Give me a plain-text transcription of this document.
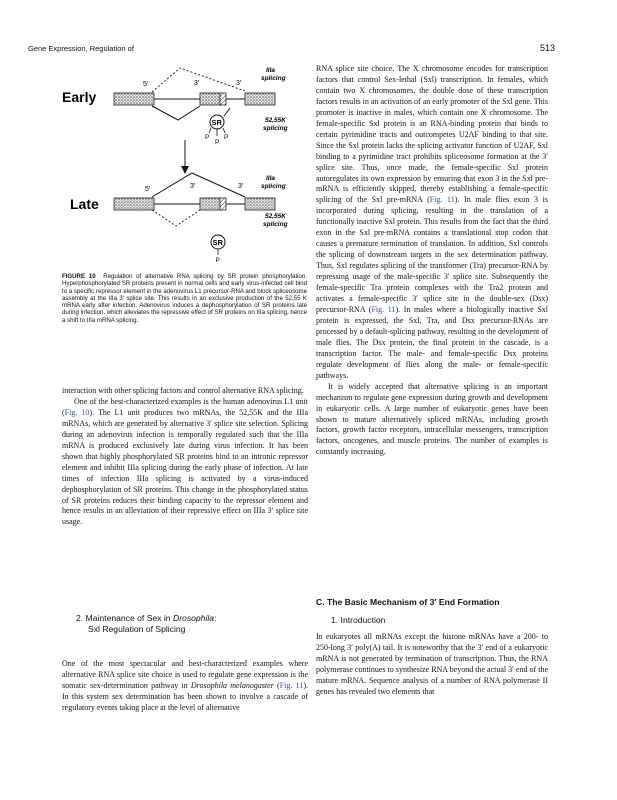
Gene Expression, Regulation of	513
Early
5′	3′	3′
IIIa splicing
SR
P
P
P
52,55K splicing
Late
5′	3′	3′
IIIa splicing
52,55K splicing
SR
P
FIGURE 10 Regulation of alternative RNA splicing by SR protein phosphorylation. Hyperphosphorylated SR proteins present in normal cells and early virus-infected cell bind to a specific repressor element in the adenovirus L1 precursor-RNA and block spliceosome assembly at the IIIa 3′ splice site. This results in an exclusive production of the 52,55 K mRNA early after infection. Adenovirus induces a dephosphorylation of SR proteins late during infection, which alleviates the repressive effect of SR proteins on IIIa splicing, hence a shift to IIIa mRNA splicing.

interaction with other splicing factors and control alternative RNA splicing.

One of the best-characterized examples is the human adenovirus L1 unit (Fig. 10). The L1 unit produces two mRNAs, the 52,55K and the IIIa mRNAs, which are generated by alternative 3′ splice site selection. Splicing during an adenovirus infection is temporally regulated such that the IIIa mRNA is produced exclusively late during virus infection. It has been shown that highly phosphorylated SR proteins bind to an intronic repressor element and inhibit IIIa splicing during the early phase of infection. At late times of infection IIIa splicing is activated by a virus-induced dephosphorylation of SR proteins. This change in the phosphorylated status of SR proteins reduces their binding capacity to the repressor element and hence results in an alleviation of their repressive effect on IIIa 3′ splice site usage.

2. Maintenance of Sex in Drosophila:
Sxl Regulation of Splicing

One of the most spectacular and best-characterized examples where alternative RNA splice site choice is used to regulate gene expression is the somatic sex-determination pathway in Drosophila melanogaster (Fig. 11). In this system sex determination has been shown to involve a cascade of regulatory events taking place at the level of alternative

RNA splice site choice. The X chromosome encodes for transcription factors that control Sex-lethal (Sxl) transcription. In females, which contain two X chromosomes, the double dose of these transcription factors results in an activation of an early promoter of the Sxl gene. This promoter is inactive in males, which contain one X chromosome. The female-specific Sxl protein is an RNA-binding protein that binds to certain pyrimidine tracts and outcompetes U2AF binding to that site. Since the Sxl protein lacks the splicing activator function of U2AF, Sxl binding to a pyrimidine tract prohibits spliceosome formation at the 3′ splice site. Thus, once made, the female-specific Sxl protein autoregulates its own expression by ensuring that exon 3 in the Sxl pre-mRNA is efficiently skipped, thereby establishing a female-specific splicing of the Sxl pre-mRNA (Fig. 11). In male flies exon 3 is incorporated during splicing, resulting in the translation of a functionally inactive Sxl protein. This results from the fact that the third exon in the Sxl pre-mRNA contains a translational stop codon that causes a premature termination of translation. In addition, Sxl controls the splicing of downstream targets in the sex determination pathway. Thus, Sxl regulates splicing of the transformer (Tra) precursor-RNA by repressing usage of the male-specific 3′ splice site. Subsequently the female-specific Tra protein complexes with the Tra2 protein and activates a female-specific 3′ splice site in the double-sex (Dsx) precursor-RNA (Fig. 11). In males where a biologically inactive Sxl protein is expressed, the Sxl, Tra, and Dsx precursor-RNAs are processed by a default-splicing pathway, resulting in the development of male flies. The Dsx protein, the final protein in the cascade, is a transcription factor. The male- and female-specific Dsx proteins regulate development of flies along the male- or female-specific pathways.

It is widely accepted that alternative splicing is an important mechanism to regulate gene expression during growth and development in eukaryotic cells. A large number of eukaryotic genes have been shown to mature alternatively spliced mRNAs, including growth factors, growth factor receptors, intracellular messengers, transcription factors, oncogenes, and muscle proteins. The number of examples is constantly increasing.

C. The Basic Mechanism of 3′ End Formation
1. Introduction

In eukaryotes all mRNAs except the histone mRNAs have a 200- to 250-long 3′ poly(A) tail. It is noteworthy that the 3′ end of a eukaryotic mRNA is not generated by termination of transcription. Thus, the RNA polymerase continues to synthesize RNA beyond the actual 3′ end of the mature mRNA. Sequence analysis of a number of RNA polymerase II genes has revealed two elements that
